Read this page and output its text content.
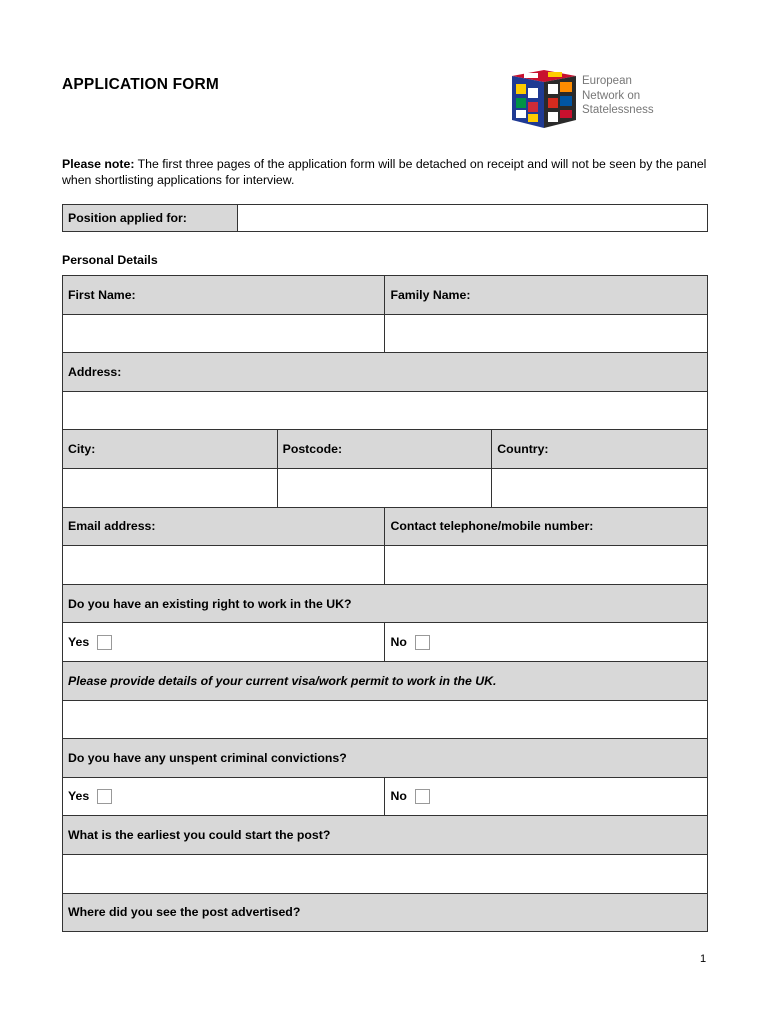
APPLICATION FORM	European
Network on
Statelessness
Please note: The first three pages of the application form will be detached on receipt and will not be seen by the panel when shortlisting applications for interview.
Position applied for:	
Personal Details
First Name:		Family Name:	

Address:			

City:	Postcode:		Country:

Email address:		Contact telephone/mobile number:	

Do you have an existing right to work in the UK?			
Yes		No	
Please provide details of your current visa/work permit to work in the UK.			

Do you have any unspent criminal convictions?			
Yes		No	
What is the earliest you could start the post?			

Where did you see the post advertised?			
1
